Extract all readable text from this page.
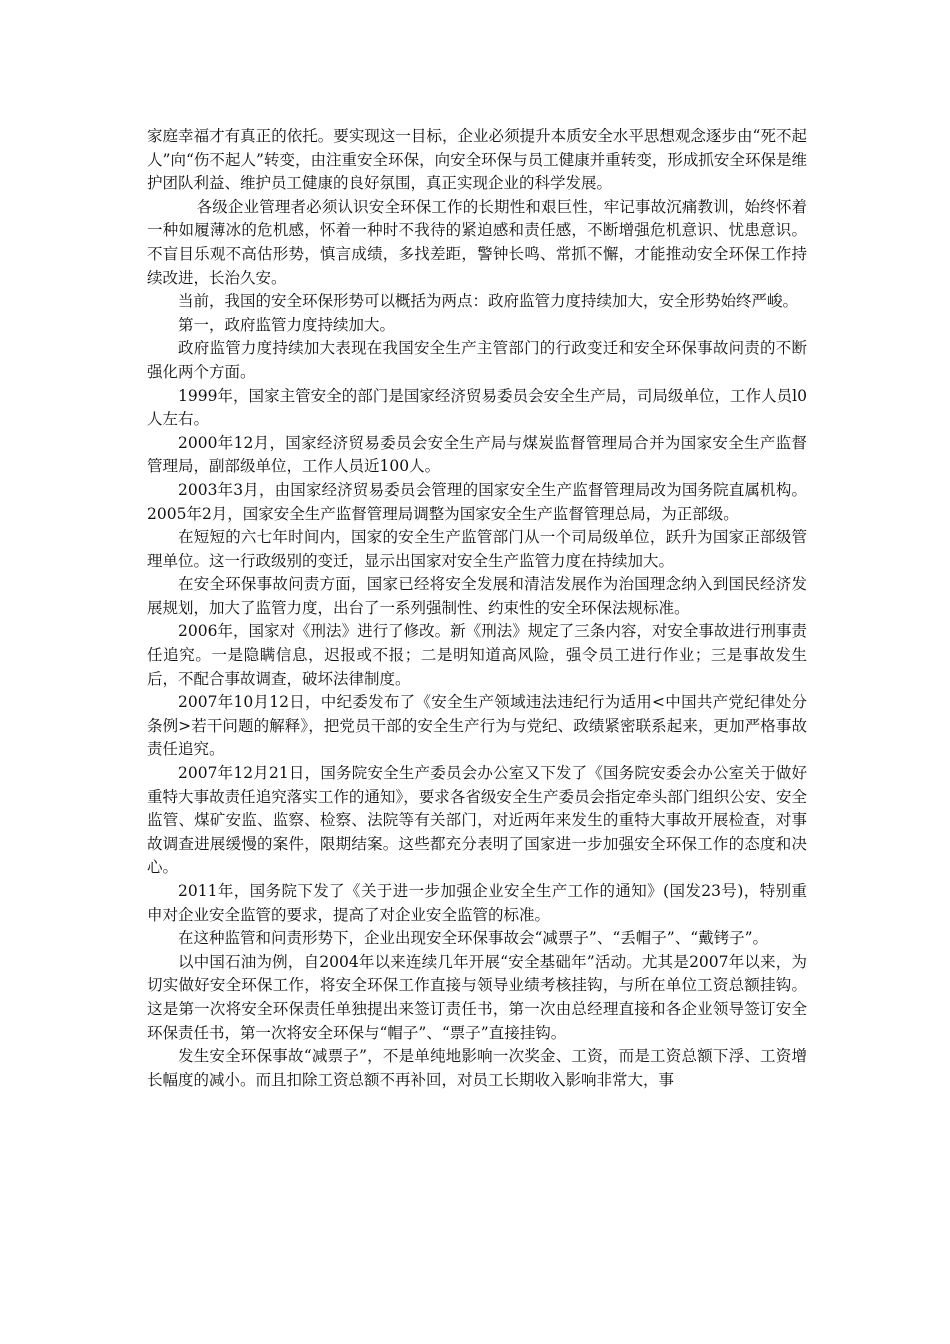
家庭幸福才有真正的依托。要实现这一目标，企业必须提升本质安全水平思想观念逐步由“死不起人”向“伤不起人”转变，由注重安全环保，向安全环保与员工健康并重转变，形成抓安全环保是维护团队利益、维护员工健康的良好氛围，真正实现企业的科学发展。

各级企业管理者必须认识安全环保工作的长期性和艰巨性，牢记事故沉痛教训，始终怀着一种如履薄冰的危机感，怀着一种时不我待的紧迫感和责任感，不断增强危机意识、忧患意识。不盲目乐观不高估形势，慎言成绩，多找差距，警钟长鸣、常抓不懈，才能推动安全环保工作持续改进，长治久安。

当前，我国的安全环保形势可以概括为两点：政府监管力度持续加大，安全形势始终严峻。

第一，政府监管力度持续加大。

政府监管力度持续加大表现在我国安全生产主管部门的行政变迁和安全环保事故问责的不断强化两个方面。

1999年，国家主管安全的部门是国家经济贸易委员会安全生产局，司局级单位，工作人员l0人左右。

2000年12月，国家经济贸易委员会安全生产局与煤炭监督管理局合并为国家安全生产监督管理局，副部级单位，工作人员近100人。

2003年3月，由国家经济贸易委员会管理的国家安全生产监督管理局改为国务院直属机构。2005年2月，国家安全生产监督管理局调整为国家安全生产监督管理总局，为正部级。

在短短的六七年时间内，国家的安全生产监管部门从一个司局级单位，跃升为国家正部级管理单位。这一行政级别的变迁，显示出国家对安全生产监管力度在持续加大。

在安全环保事故问责方面，国家已经将安全发展和清洁发展作为治国理念纳入到国民经济发展规划，加大了监管力度，出台了一系列强制性、约束性的安全环保法规标准。

2006年，国家对《刑法》进行了修改。新《刑法》规定了三条内容，对安全事故进行刑事责任追究。一是隐瞒信息，迟报或不报；二是明知道高风险，强令员工进行作业；三是事故发生后，不配合事故调查，破坏法律制度。

2007年10月12日，中纪委发布了《安全生产领域违法违纪行为适用<中国共产党纪律处分条例>若干问题的解释》，把党员干部的安全生产行为与党纪、政绩紧密联系起来，更加严格事故责任追究。

2007年12月21日，国务院安全生产委员会办公室又下发了《国务院安委会办公室关于做好重特大事故责任追究落实工作的通知》，要求各省级安全生产委员会指定牵头部门组织公安、安全监管、煤矿安监、监察、检察、法院等有关部门，对近两年来发生的重特大事故开展检查，对事故调查进展缓慢的案件，限期结案。这些都充分表明了国家进一步加强安全环保工作的态度和决心。

2011年，国务院下发了《关于进一步加强企业安全生产工作的通知》(国发23号)，特别重申对企业安全监管的要求，提高了对企业安全监管的标准。

在这种监管和问责形势下，企业出现安全环保事故会“减票子”、“丢帽子”、“戴铐子”。

以中国石油为例，自2004年以来连续几年开展“安全基础年”活动。尤其是2007年以来，为切实做好安全环保工作，将安全环保工作直接与领导业绩考核挂钩，与所在单位工资总额挂钩。这是第一次将安全环保责任单独提出来签订责任书，第一次由总经理直接和各企业领导签订安全环保责任书，第一次将安全环保与“帽子”、“票子”直接挂钩。

发生安全环保事故“减票子”，不是单纯地影响一次奖金、工资，而是工资总额下浮、工资增长幅度的减小。而且扣除工资总额不再补回，对员工长期收入影响非常大，事
